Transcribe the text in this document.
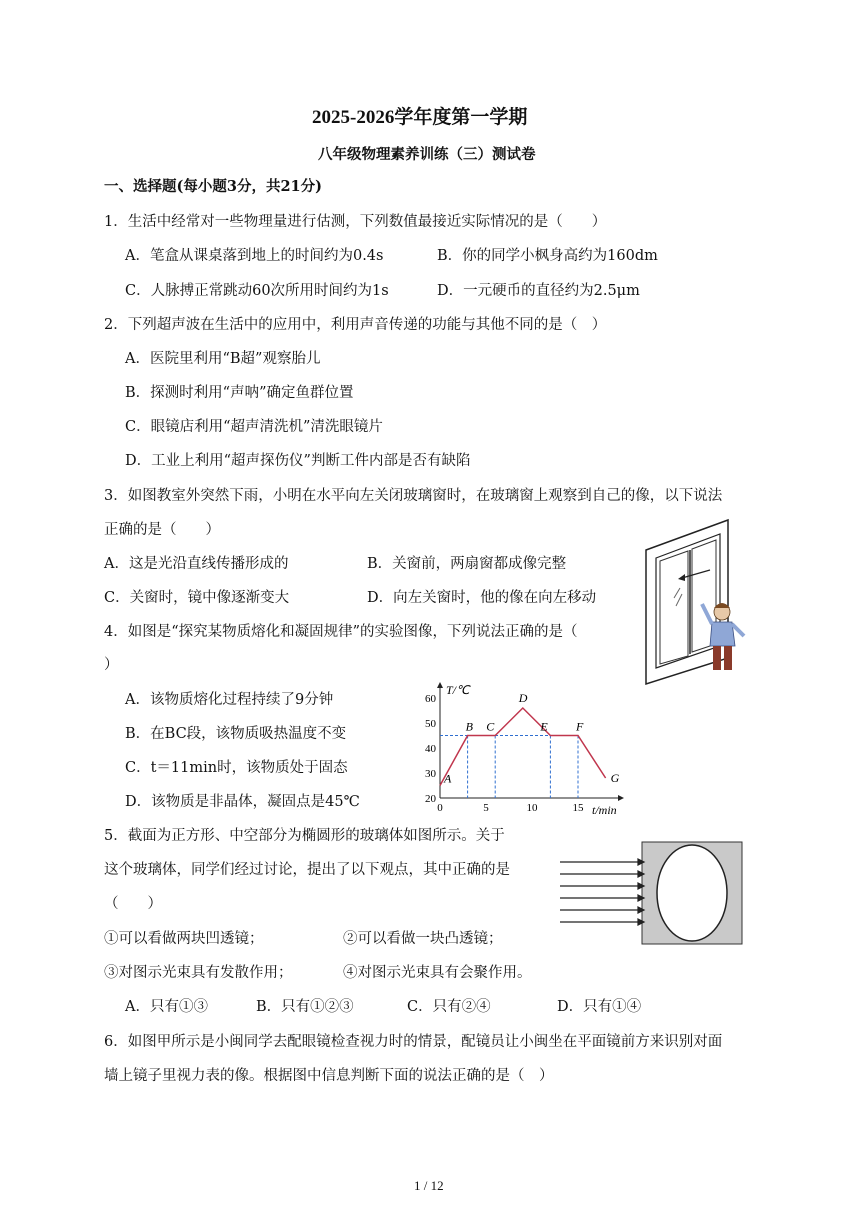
2025-2026学年度第一学期
八年级物理素养训练（三）测试卷
一、选择题(每小题3分，共21分)
1．生活中经常对一些物理量进行估测，下列数值最接近实际情况的是（　　）
A．笔盒从课桌落到地上的时间约为0.4s	B．你的同学小枫身高约为160dm
C．人脉搏正常跳动60次所用时间约为1s	D．一元硬币的直径约为2.5μm
2．下列超声波在生活中的应用中，利用声音传递的功能与其他不同的是（　）
A．医院里利用“B超”观察胎儿
B．探测时利用“声呐”确定鱼群位置
C．眼镜店利用“超声清洗机”清洗眼镜片
D．工业上利用“超声探伤仪”判断工件内部是否有缺陷
3．如图教室外突然下雨，小明在水平向左关闭玻璃窗时，在玻璃窗上观察到自己的像，以下说法
正确的是（　　）
A．这是光沿直线传播形成的	B．关窗前，两扇窗都成像完整
C．关窗时，镜中像逐渐变大	D．向左关窗时，他的像在向左移动
4．如图是“探究某物质熔化和凝固规律”的实验图像，下列说法正确的是（
）
A．该物质熔化过程持续了9分钟
B．在BC段，该物质吸热温度不变
C．t＝11min时，该物质处于固态
D．该物质是非晶体，凝固点是45℃
T/℃
t/min
20
30
40
50
60
0	5	10	15
A
B C
D
E F
G
5．截面为正方形、中空部分为椭圆形的玻璃体如图所示。关于
这个玻璃体，同学们经过讨论，提出了以下观点，其中正确的是
（　　）
①可以看做两块凹透镜；	②可以看做一块凸透镜；
③对图示光束具有发散作用；	④对图示光束具有会聚作用。
A．只有①③	B．只有①②③	C．只有②④	D．只有①④
6．如图甲所示是小闽同学去配眼镜检查视力时的情景，配镜员让小闽坐在平面镜前方来识别对面
墙上镜子里视力表的像。根据图中信息判断下面的说法正确的是（　）
1 / 12
